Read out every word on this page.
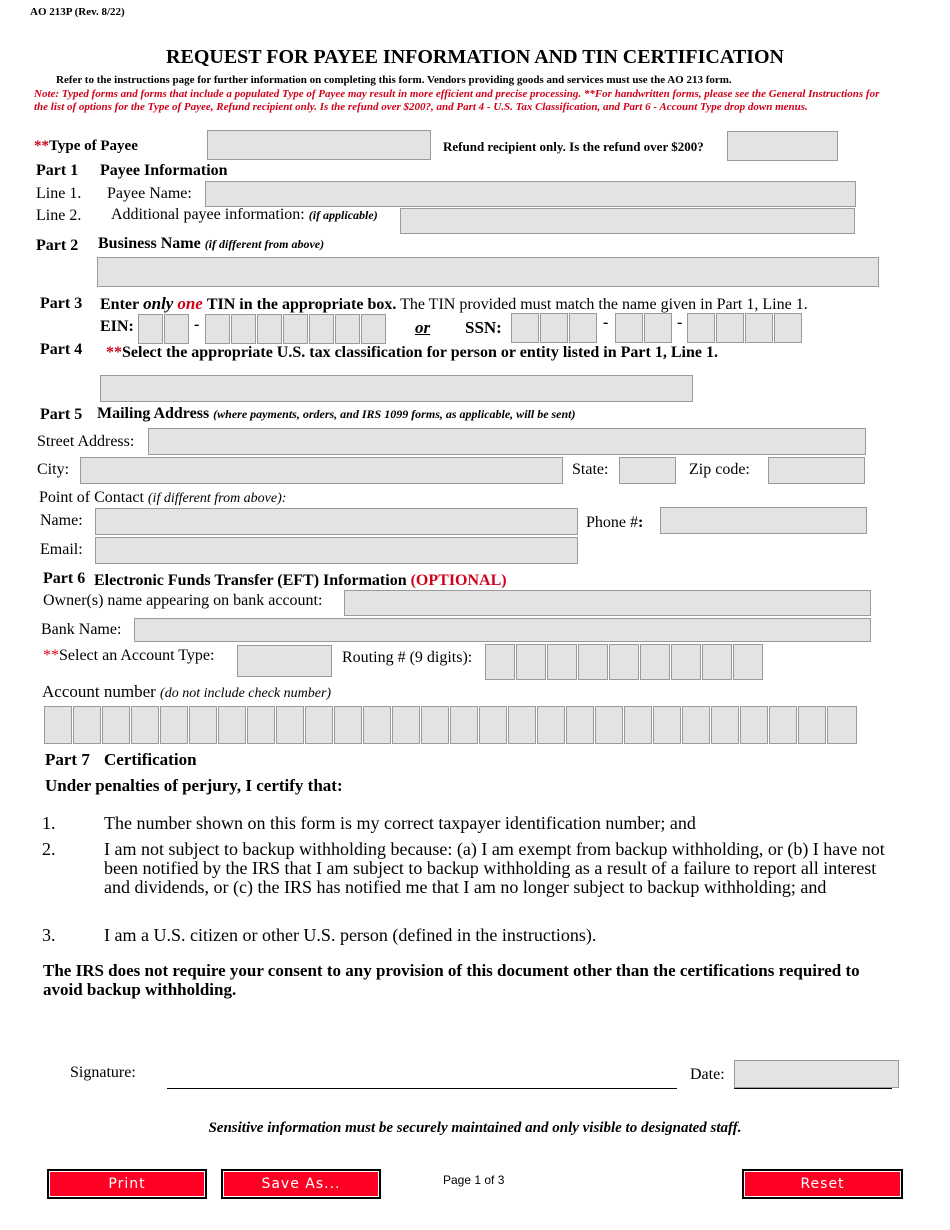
AO 213P (Rev. 8/22)
REQUEST FOR PAYEE INFORMATION AND TIN CERTIFICATION
Refer to the instructions page for further information on completing this form. Vendors providing goods and services must use the AO 213 form.
Note: Typed forms and forms that include a populated Type of Payee may result in more efficient and precise processing. **For handwritten forms, please see the General Instructions for the list of options for the Type of Payee, Refund recipient only. Is the refund over $200?, and Part 4 - U.S. Tax Classification, and Part 6 - Account Type drop down menus.
**Type of Payee	Refund recipient only. Is the refund over $200?
Part 1 Payee Information
Line 1. Payee Name:
Line 2. Additional payee information: (if applicable)
Part 2 Business Name (if different from above)
Part 3 Enter only one TIN in the appropriate box. The TIN provided must match the name given in Part 1, Line 1.
EIN:	-	or SSN:	-	-
Part 4 **Select the appropriate U.S. tax classification for person or entity listed in Part 1, Line 1.
Part 5 Mailing Address (where payments, orders, and IRS 1099 forms, as applicable, will be sent)
Street Address:
City:	State:	Zip code:
Point of Contact (if different from above):
Name:	Phone #:
Email:
Part 6 Electronic Funds Transfer (EFT) Information (OPTIONAL)
Owner(s) name appearing on bank account:
Bank Name:
**Select an Account Type:	Routing # (9 digits):
Account number (do not include check number)
Part 7 Certification
Under penalties of perjury, I certify that:
1.	The number shown on this form is my correct taxpayer identification number; and
2.	I am not subject to backup withholding because: (a) I am exempt from backup withholding, or (b) I have not been notified by the IRS that I am subject to backup withholding as a result of a failure to report all interest and dividends, or (c) the IRS has notified me that I am no longer subject to backup withholding; and
3.	I am a U.S. citizen or other U.S. person (defined in the instructions).
The IRS does not require your consent to any provision of this document other than the certifications required to avoid backup withholding.
Signature:	Date:
Sensitive information must be securely maintained and only visible to designated staff.
Print	Save As...	Page 1 of 3	Reset
